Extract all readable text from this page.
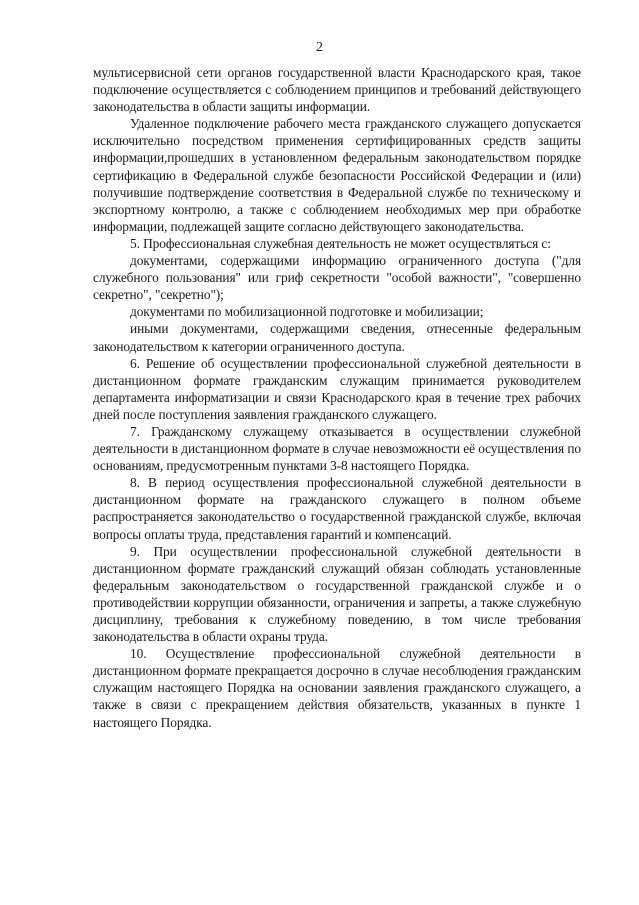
2

мультисервисной сети органов государственной власти Краснодарского края, такое подключение осуществляется с соблюдением принципов и требований действующего законодательства в области защиты информации.

Удаленное подключение рабочего места гражданского служащего допускается исключительно посредством применения сертифицированных средств защиты информации,прошедших в установленном федеральным законодательством порядке сертификацию в Федеральной службе безопасности Российской Федерации и (или) получившие подтверждение соответствия в Федеральной службе по техническому и экспортному контролю, а также с соблюдением необходимых мер при обработке информации, подлежащей защите согласно действующего законодательства.

5. Профессиональная служебная деятельность не может осуществляться с:

документами, содержащими информацию ограниченного доступа ("для служебного пользования" или гриф секретности "особой важности", "совершенно секретно", "секретно");

документами по мобилизационной подготовке и мобилизации;

иными документами, содержащими сведения, отнесенные федеральным законодательством к категории ограниченного доступа.

6. Решение об осуществлении профессиональной служебной деятельности в дистанционном формате гражданским служащим принимается руководителем департамента информатизации и связи Краснодарского края в течение трех рабочих дней после поступления заявления гражданского служащего.

7. Гражданскому служащему отказывается в осуществлении служебной деятельности в дистанционном формате в случае невозможности её осуществления по основаниям, предусмотренным пунктами 3-8 настоящего Порядка.

8. В период осуществления профессиональной служебной деятельности в дистанционном формате на гражданского служащего в полном объеме распространяется законодательство о государственной гражданской службе, включая вопросы оплаты труда, представления гарантий и компенсаций.

9. При осуществлении профессиональной служебной деятельности в дистанционном формате гражданский служащий обязан соблюдать установленные федеральным законодательством о государственной гражданской службе и о противодействии коррупции обязанности, ограничения и запреты, а также служебную дисциплину, требования к служебному поведению, в том числе требования законодательства в области охраны труда.

10. Осуществление профессиональной служебной деятельности в дистанционном формате прекращается досрочно в случае несоблюдения гражданским служащим настоящего Порядка на основании заявления гражданского служащего, а также в связи с прекращением действия обязательств, указанных в пункте 1 настоящего Порядка.
